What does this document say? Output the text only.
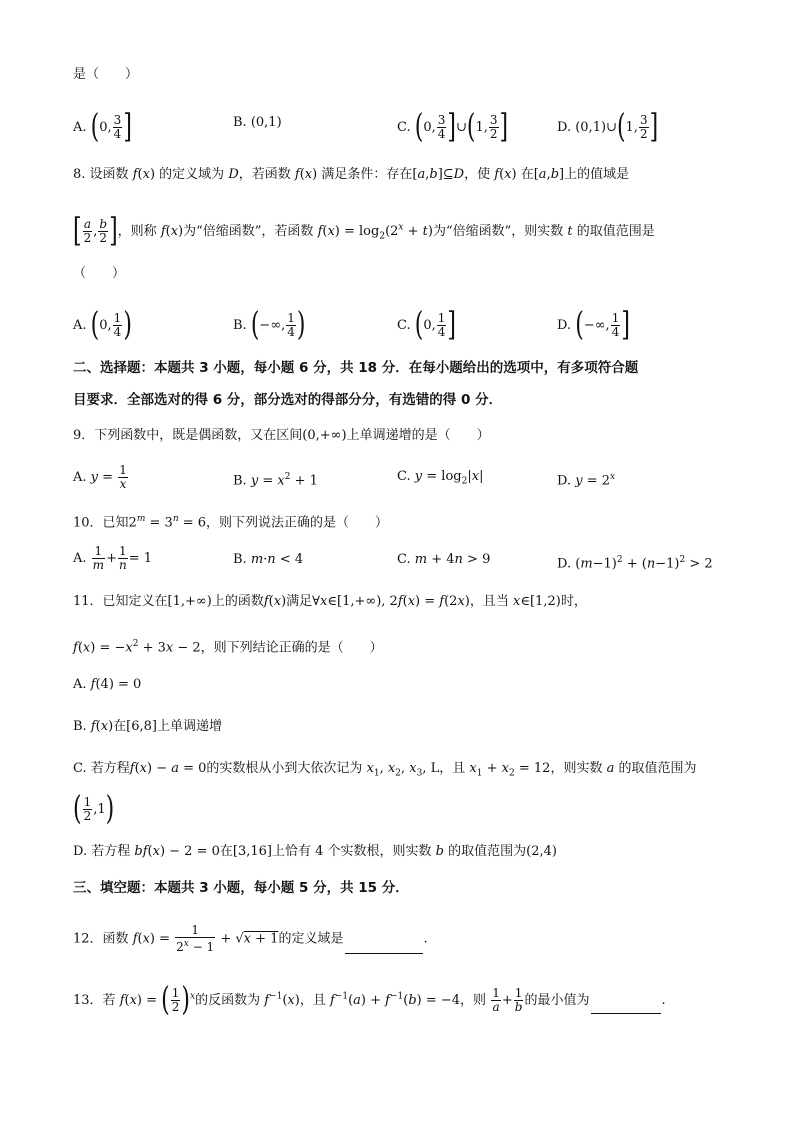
是（　　）
A. (0, $\frac{3}{4}$ ]	B. (0,1)	C. (0, $\frac{3}{4}$ ]∪(1, $\frac{3}{2}$ ]	D. (0,1)∪(1, $\frac{3}{2}$ ]
8. 设函数 f(x) 的定义域为 D，若函数 f(x) 满足条件：存在[a,b]⊆D，使 f(x) 在[a,b]上的值域是
[ $\frac{a}{2}$ , $\frac{b}{2}$ ]，则称 f(x)为“倍缩函数”，若函数 $f(x) = \log_2(2^x + t)$为“倍缩函数”，则实数 t 的取值范围是
（　　）
A. (0, $\frac{1}{4}$ )	B. (−∞, $\frac{1}{4}$ )	C. (0, $\frac{1}{4}$ ]	D. (−∞, $\frac{1}{4}$ ]
二、选择题：本题共 3 小题，每小题 6 分，共 18 分．在每小题给出的选项中，有多项符合题
目要求．全部选对的得 6 分，部分选对的得部分分，有选错的得 0 分．
9．下列函数中，既是偶函数，又在区间(0,+∞)上单调递增的是（　　）
A. $y = \frac{1}{x}$	B. $y = x^2 + 1$	C. $y = \log_2|x|$	D. $y = 2^x$
10．已知$2^m = 3^n = 6$，则下列说法正确的是（　　）
A. $\frac{1}{m} + \frac{1}{n} = 1$	B. m·n < 4	C. m + 4n > 9	D. $(m-1)^2 + (n-1)^2 > 2$
11．已知定义在[1,+∞)上的函数f(x)满足∀x∈[1,+∞), 2f(x) = f(2x)，且当 x∈[1,2)时，
$f(x) = -x^2 + 3x - 2$，则下列结论正确的是（　　）
A. f(4) = 0
B. f(x)在[6,8]上单调递增
C. 若方程f(x) − a = 0的实数根从小到大依次记为 $x_1$, $x_2$, $x_3$, L，且 $x_1 + x_2 = 12$，则实数 a 的取值范围为
( $\frac{1}{2} ,1$)
D. 若方程 bf(x) − 2 = 0在[3,16]上恰有 4 个实数根，则实数 b 的取值范围为(2,4)
三、填空题：本题共 3 小题，每小题 5 分，共 15 分．
12．函数 $f(x) = \frac{1}{2^x - 1} + √x + 1$的定义域是	.
13．若 f(x) = ( $\frac{1}{2} )^x$的反函数为 $f^{-1}(x)$，且 $f^{-1}(a) + f^{-1}(b) = -4$，则 $\frac{1}{a} + \frac{1}{b}$ 的最小值为	.
